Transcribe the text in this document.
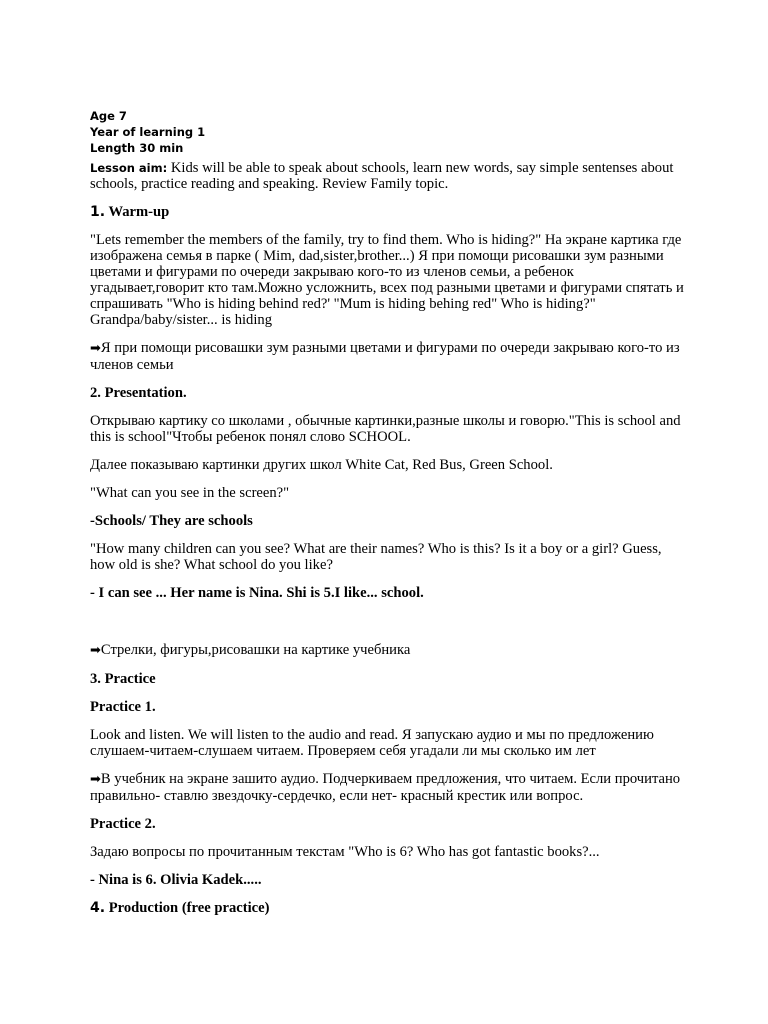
Age 7

Year of learning 1

Length 30 min

Lesson aim: Kids will be able to speak about schools, learn new words, say simple sentenses about schools, practice reading and speaking. Review Family topic.

1. Warm-up

"Lets remember the members of the family, try to find them. Who is hiding?" На экране картика где изображена семья в парке ( Mim, dad,sister,brother...) Я при помощи рисовашки зум разными цветами и фигурами по очереди закрываю кого-то из членов семьи, а ребенок угадывает,говорит кто там.Можно усложнить, всех под разными цветами и фигурами спятать и спрашивать "Who is hiding behind red?' "Mum is hiding behing red" Who is hiding?" Grandpa/baby/sister... is hiding

➡Я при помощи рисовашки зум разными цветами и фигурами по очереди закрываю кого-то из членов семьи

2. Presentation.

Открываю картику со школами , обычные картинки,разные школы и говорю."This is school and this is school"Чтобы ребенок понял слово SCHOOL.

Далее показываю картинки других школ White Cat, Red Bus, Green School.

"What can you see in the screen?"

-Schools/ They are schools

"How many children can you see? What are their names? Who is this? Is it a boy or a girl? Guess, how old is she? What school do you like?

- I can see ... Her name is Nina. Shi is 5.I like... school.

➡Стрелки, фигуры,рисовашки на картике учебника

3. Practice

Practice 1.

Look and listen. We will listen to the audio and read. Я запускаю аудио и мы по предложению слушаем-читаем-слушаем читаем. Проверяем себя угадали ли мы сколько им лет

➡В учебник на экране зашито аудио. Подчеркиваем предложения, что читаем. Если прочитано правильно- ставлю звездочку-сердечко, если нет- красный крестик или вопрос.

Practice 2.

Задаю вопросы по прочитанным текстам "Who is 6? Who has got fantastic books?...

- Nina is 6. Olivia Kadek.....

4. Production (free practice)
